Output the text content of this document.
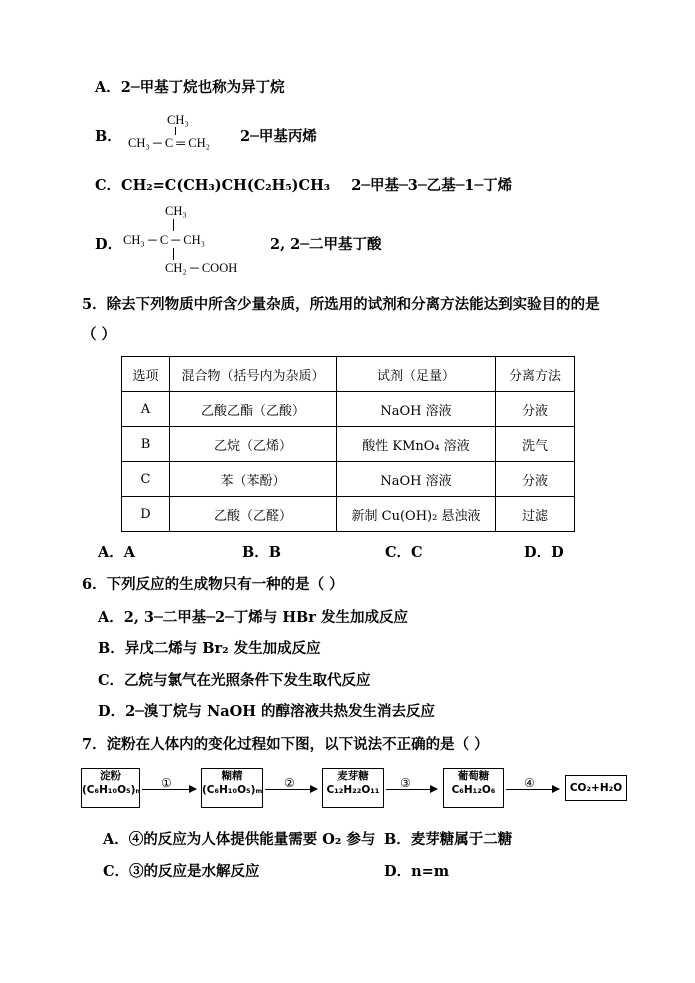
A．2─甲基丁烷也称为异丁烷
B．
CH₃
CH₃ ─ C ═ CH₂ 2─甲基丙烯
C．CH₂=C(CH₃)CH(C₂H₅)CH₃ 2─甲基─3─乙基─1─丁烯
D．
CH₃
CH₃ ─ C ─ CH₃
CH₂ ─ COOH
2, 2─二甲基丁酸
5．除去下列物质中所含少量杂质，所选用的试剂和分离方法能达到实验目的的是
（ ）
选项	混合物（括号内为杂质）	试剂（足量）	分离方法
A	乙酸乙酯（乙酸）	NaOH 溶液	分液
B	乙烷（乙烯）	酸性 KMnO₄ 溶液	洗气
C	苯（苯酚）	NaOH 溶液	分液
D	乙酸（乙醛）	新制 Cu(OH)₂ 悬浊液	过滤
A．A	B．B	C．C	D．D
6．下列反应的生成物只有一种的是（ ）
A．2, 3─二甲基─2─丁烯与 HBr 发生加成反应
B．异戊二烯与 Br₂ 发生加成反应
C．乙烷与氯气在光照条件下发生取代反应
D．2─溴丁烷与 NaOH 的醇溶液共热发生消去反应
7．淀粉在人体内的变化过程如下图，以下说法不正确的是（ ）
淀粉
(C₆H₁₀O₅)ₙ ①	糊精
(C₆H₁₀O₅)ₘ ②	麦芽糖
C₁₂H₂₂O₁₁ ③	葡萄糖
C₆H₁₂O₆	④	CO₂+H₂O
A．④的反应为人体提供能量需要 O₂ 参与 B．麦芽糖属于二糖
C．③的反应是水解反应	D．n=m
